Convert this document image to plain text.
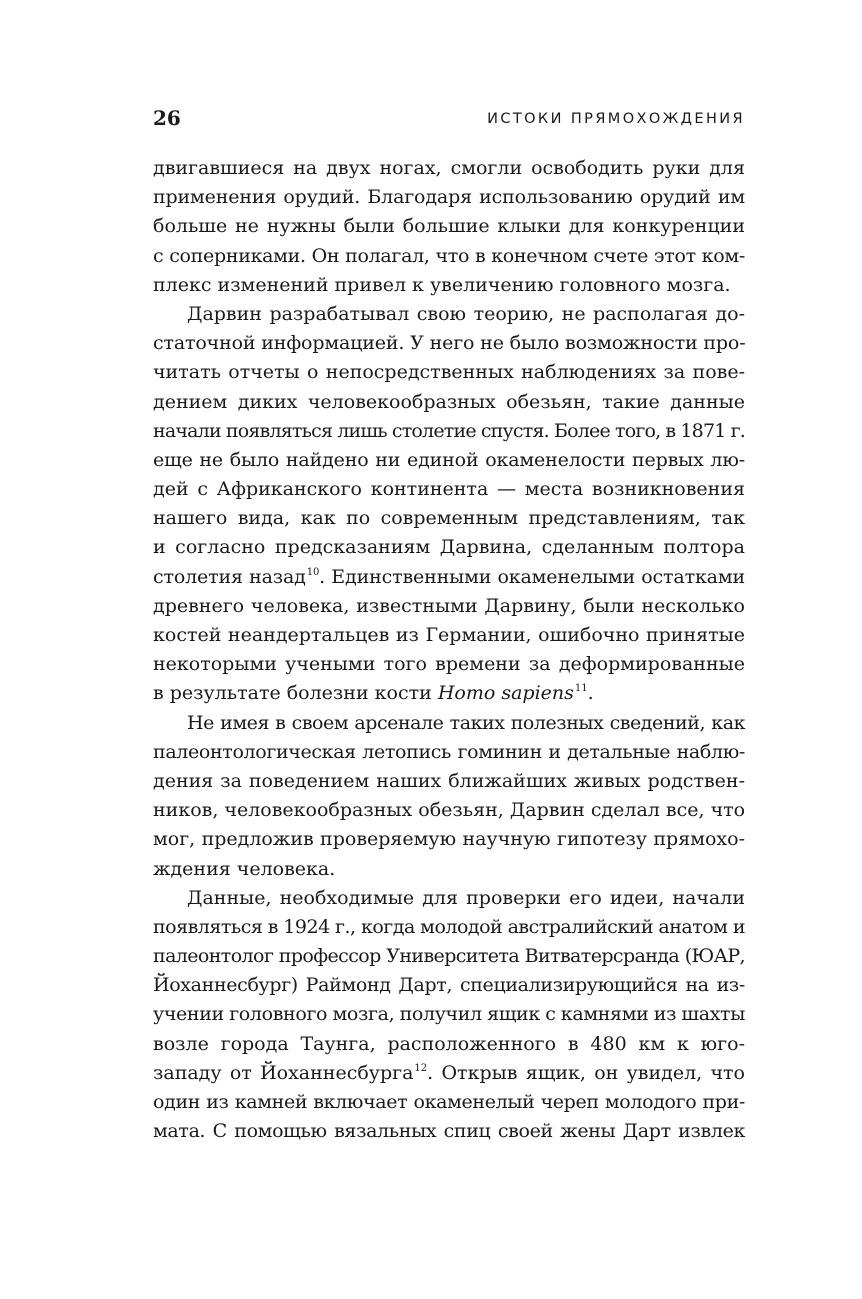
26	ИСТОКИ ПРЯМОХОЖДЕНИЯ
двигавшиеся на двух ногах, смогли освободить руки для
применения орудий. Благодаря использованию орудий им
больше не нужны были большие клыки для конкуренции
с соперниками. Он полагал, что в конечном счете этот ком-
плекс изменений привел к увеличению головного мозга.
Дарвин разрабатывал свою теорию, не располагая до-
статочной информацией. У него не было возможности про-
читать отчеты о непосредственных наблюдениях за пове-
дением диких человекообразных обезьян, такие данные
начали появляться лишь столетие спустя. Более того, в 1871 г.
еще не было найдено ни единой окаменелости первых лю-
дей с Африканского континента — места возникновения
нашего вида, как по современным представлениям, так
и согласно предсказаниям Дарвина, сделанным полтора
столетия назад$^{10}$. Единственными окаменелыми остатками
древнего человека, известными Дарвину, были несколько
костей неандертальцев из Германии, ошибочно принятые
некоторыми учеными того времени за деформированные
в результате болезни кости Homo sapiens$^{11}$.
Не имея в своем арсенале таких полезных сведений, как
палеонтологическая летопись гоминин и детальные наблю-
дения за поведением наших ближайших живых родствен-
ников, человекообразных обезьян, Дарвин сделал все, что
мог, предложив проверяемую научную гипотезу прямохо-
ждения человека.
Данные, необходимые для проверки его идеи, начали
появляться в 1924 г., когда молодой австралийский анатом и
палеонтолог профессор Университета Витватерсранда (ЮАР,
Йоханнесбург) Раймонд Дарт, специализирующийся на из-
учении головного мозга, получил ящик с камнями из шахты
возле города Таунга, расположенного в 480 км к юго-
западу от Йоханнесбурга$^{12}$. Открыв ящик, он увидел, что
один из камней включает окаменелый череп молодого при-
мата. С помощью вязальных спиц своей жены Дарт извлек
